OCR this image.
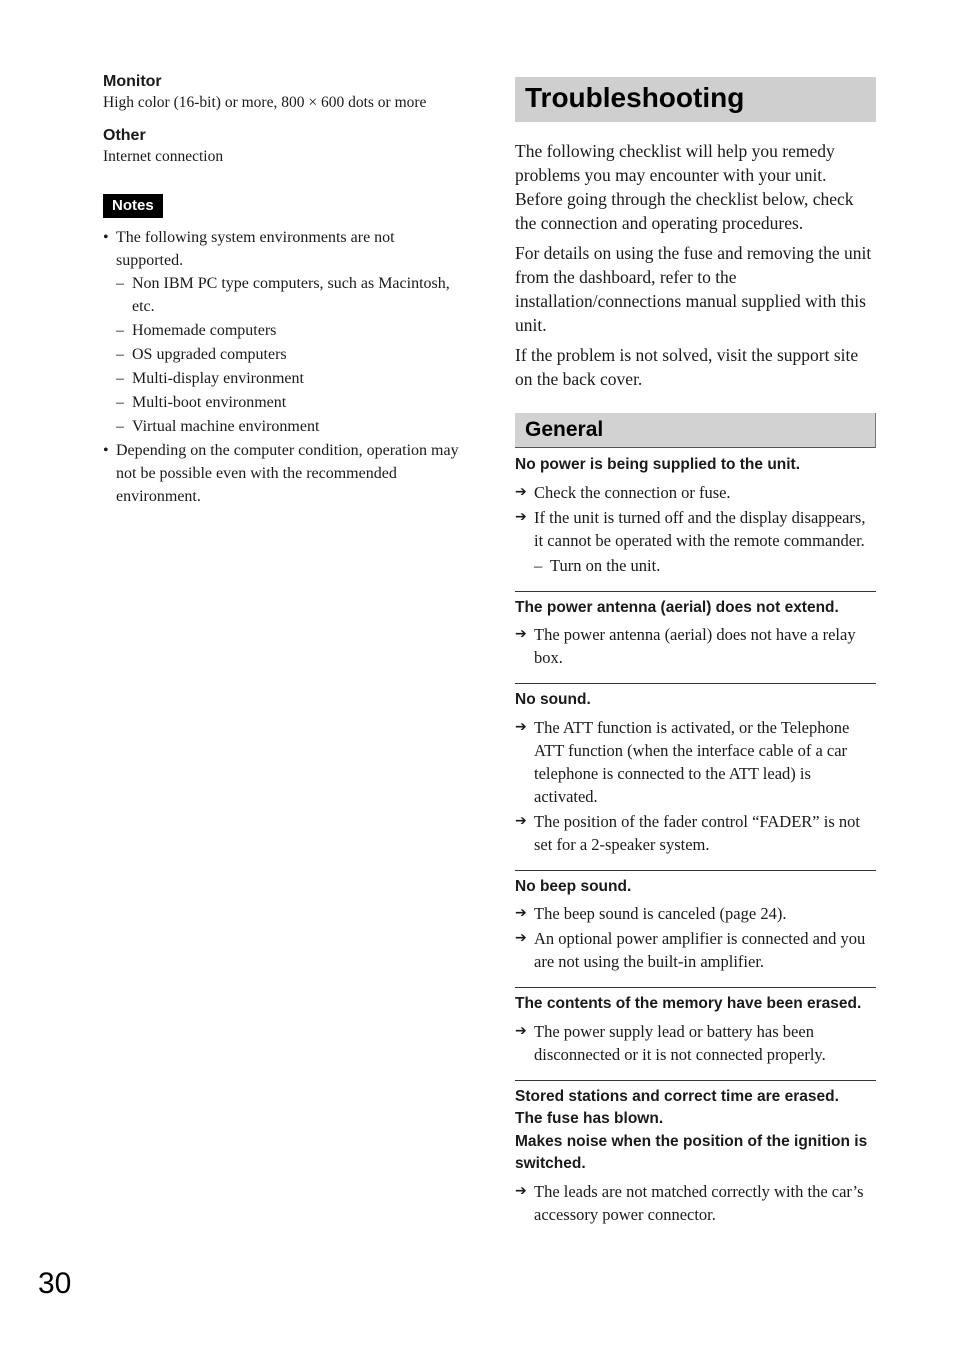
Monitor

High color (16-bit) or more, 800 × 600 dots or more

Other

Internet connection

Notes
• The following system environments are not supported.
– Non IBM PC type computers, such as Macintosh, etc.
– Homemade computers
– OS upgraded computers
– Multi-display environment
– Multi-boot environment
– Virtual machine environment
• Depending on the computer condition, operation may not be possible even with the recommended environment.
Troubleshooting

The following checklist will help you remedy problems you may encounter with your unit. Before going through the checklist below, check the connection and operating procedures.

For details on using the fuse and removing the unit from the dashboard, refer to the installation/connections manual supplied with this unit.

If the problem is not solved, visit the support site on the back cover.

General

No power is being supplied to the unit.

➔ Check the connection or fuse.
➔ If the unit is turned off and the display disappears, it cannot be operated with the remote commander.
– Turn on the unit.

The power antenna (aerial) does not extend.

➔ The power antenna (aerial) does not have a relay box.

No sound.

➔ The ATT function is activated, or the Telephone ATT function (when the interface cable of a car telephone is connected to the ATT lead) is activated.
➔ The position of the fader control “FADER” is not set for a 2-speaker system.

No beep sound.

➔ The beep sound is canceled (page 24).
➔ An optional power amplifier is connected and you are not using the built-in amplifier.

The contents of the memory have been erased.

➔ The power supply lead or battery has been disconnected or it is not connected properly.

Stored stations and correct time are erased.

The fuse has blown.

Makes noise when the position of the ignition is switched.

➔ The leads are not matched correctly with the car’s accessory power connector.
30
